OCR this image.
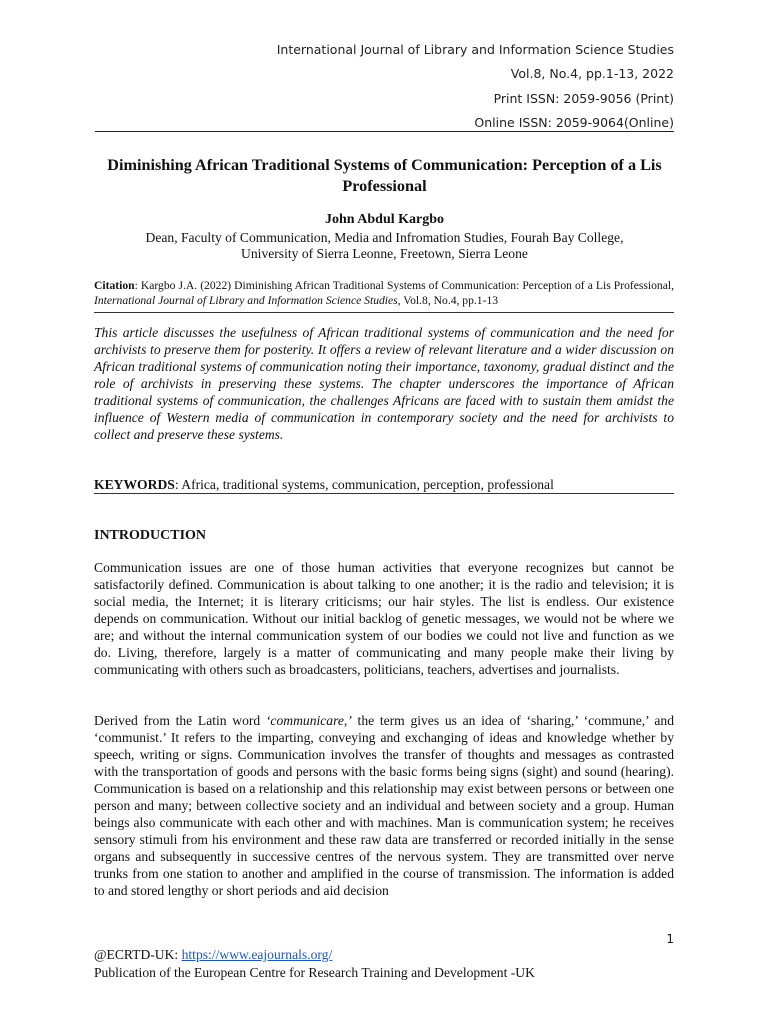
International Journal of Library and Information Science Studies
Vol.8, No.4, pp.1-13, 2022
Print ISSN: 2059-9056 (Print)
Online ISSN: 2059-9064(Online)
Diminishing African Traditional Systems of Communication: Perception of a Lis Professional
John Abdul Kargbo
Dean, Faculty of Communication, Media and Infromation Studies, Fourah Bay College,
University of Sierra Leonne, Freetown, Sierra Leone
Citation: Kargbo J.A. (2022) Diminishing African Traditional Systems of Communication: Perception of a Lis Professional, International Journal of Library and Information Science Studies, Vol.8, No.4, pp.1-13
This article discusses the usefulness of African traditional systems of communication and the need for archivists to preserve them for posterity. It offers a review of relevant literature and a wider discussion on African traditional systems of communication noting their importance, taxonomy, gradual distinct and the role of archivists in preserving these systems. The chapter underscores the importance of African traditional systems of communication, the challenges Africans are faced with to sustain them amidst the influence of Western media of communication in contemporary society and the need for archivists to collect and preserve these systems.
KEYWORDS: Africa, traditional systems, communication, perception, professional
INTRODUCTION

Communication issues are one of those human activities that everyone recognizes but cannot be satisfactorily defined. Communication is about talking to one another; it is the radio and television; it is social media, the Internet; it is literary criticisms; our hair styles. The list is endless. Our existence depends on communication. Without our initial backlog of genetic messages, we would not be where we are; and without the internal communication system of our bodies we could not live and function as we do. Living, therefore, largely is a matter of communicating and many people make their living by communicating with others such as broadcasters, politicians, teachers, advertises and journalists.

Derived from the Latin word ‘communicare,’ the term gives us an idea of ‘sharing,’ ‘commune,’ and ‘communist.’ It refers to the imparting, conveying and exchanging of ideas and knowledge whether by speech, writing or signs. Communication involves the transfer of thoughts and messages as contrasted with the transportation of goods and persons with the basic forms being signs (sight) and sound (hearing). Communication is based on a relationship and this relationship may exist between persons or between one person and many; between collective society and an individual and between society and a group. Human beings also communicate with each other and with machines. Man is communication system; he receives sensory stimuli from his environment and these raw data are transferred or recorded initially in the sense organs and subsequently in successive centres of the nervous system. They are transmitted over nerve trunks from one station to another and amplified in the course of transmission. The information is added to and stored lengthy or short periods and aid decision

1
@ECRTD-UK: https://www.eajournals.org/
Publication of the European Centre for Research Training and Development -UK
